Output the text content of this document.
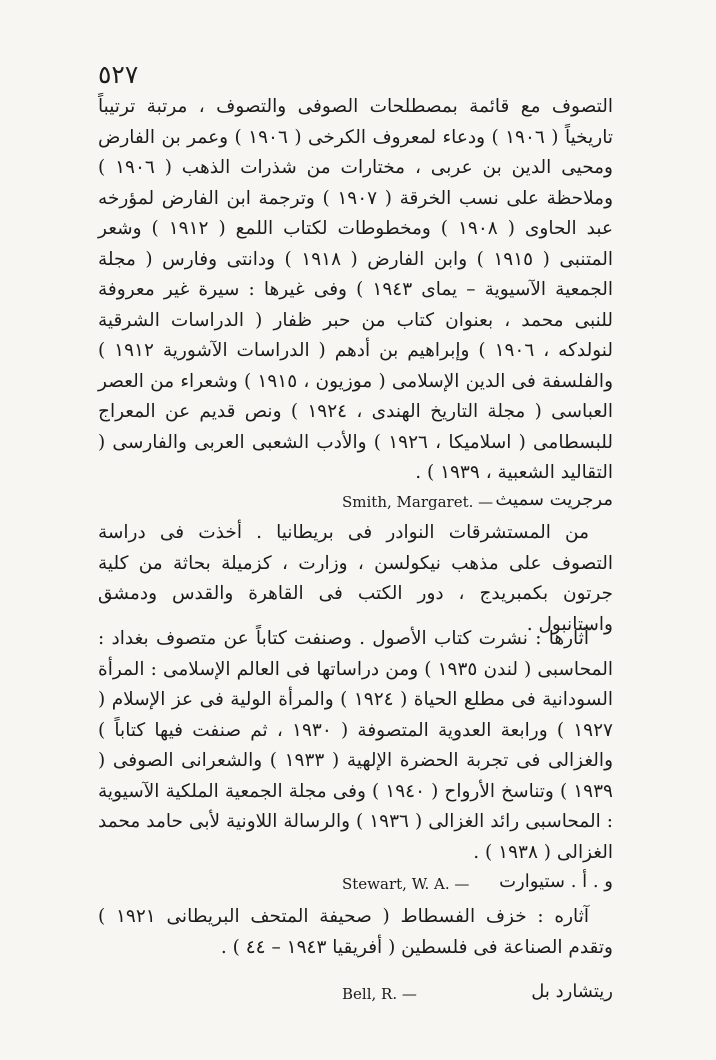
٥٢٧

التصوف مع قائمة بمصطلحات الصوفى والتصوف ، مرتبة ترتيباً تاريخياً ( ١٩٠٦ ) ودعاء لمعروف الكرخى ( ١٩٠٦ ) وعمر بن الفارض ومحيى الدين بن عربى ، مختارات من شذرات الذهب ( ١٩٠٦ ) وملاحظة على نسب الخرقة ( ١٩٠٧ ) وترجمة ابن الفارض لمؤرخه عبد الحاوى ( ١٩٠٨ ) ومخطوطات لكتاب اللمع ( ١٩١٢ ) وشعر المتنبى ( ١٩١٥ ) وابن الفارض ( ١٩١٨ ) ودانتى وفارس ( مجلة الجمعية الآسيوية – يماى ١٩٤٣ ) وفى غيرها : سيرة غير معروفة للنبى محمد ، بعنوان كتاب من حبر ظفار ( الدراسات الشرقية لنولدكه ، ١٩٠٦ ) وإبراهيم بن أدهم ( الدراسات الآشورية ١٩١٢ ) والفلسفة فى الدين الإسلامى ( موزيون ، ١٩١٥ ) وشعراء من العصر العباسى ( مجلة التاريخ الهندى ، ١٩٢٤ ) ونص قديم عن المعراج للبسطامى ( اسلاميكا ، ١٩٢٦ ) والأدب الشعبى العربى والفارسى ( التقاليد الشعبية ، ١٩٣٩ ) .

مرجريت سميث
Smith, Margaret. —

من المستشرقات النوادر فى بريطانيا . أخذت فى دراسة التصوف على مذهب نيكولسن ، وزارت ، كزميلة بحاثة من كلية جرتون بكمبريدج ، دور الكتب فى القاهرة والقدس ودمشق واستانبول .

آثارها : نشرت كتاب الأصول . وصنفت كتاباً عن متصوف بغداد : المحاسبى ( لندن ١٩٣٥ ) ومن دراساتها فى العالم الإسلامى : المرأة السودانية فى مطلع الحياة ( ١٩٢٤ ) والمرأة الولية فى عز الإسلام ( ١٩٢٧ ) ورابعة العدوية المتصوفة ( ١٩٣٠ ، ثم صنفت فيها كتاباً ) والغزالى فى تجربة الحضرة الإلهية ( ١٩٣٣ ) والشعرانى الصوفى ( ١٩٣٩ ) وتناسخ الأرواح ( ١٩٤٠ ) وفى مجلة الجمعية الملكية الآسيوية : المحاسبى رائد الغزالى ( ١٩٣٦ ) والرسالة اللاونية لأبى حامد محمد الغزالى ( ١٩٣٨ ) .

و . أ . ستيوارت
Stewart, W. A. —

آثاره : خزف الفسطاط ( صحيفة المتحف البريطانى ١٩٢١ ) وتقدم الصناعة فى فلسطين ( أفريقيا ١٩٤٣ – ٤٤ ) .

ريتشارد بل
Bell, R. —
